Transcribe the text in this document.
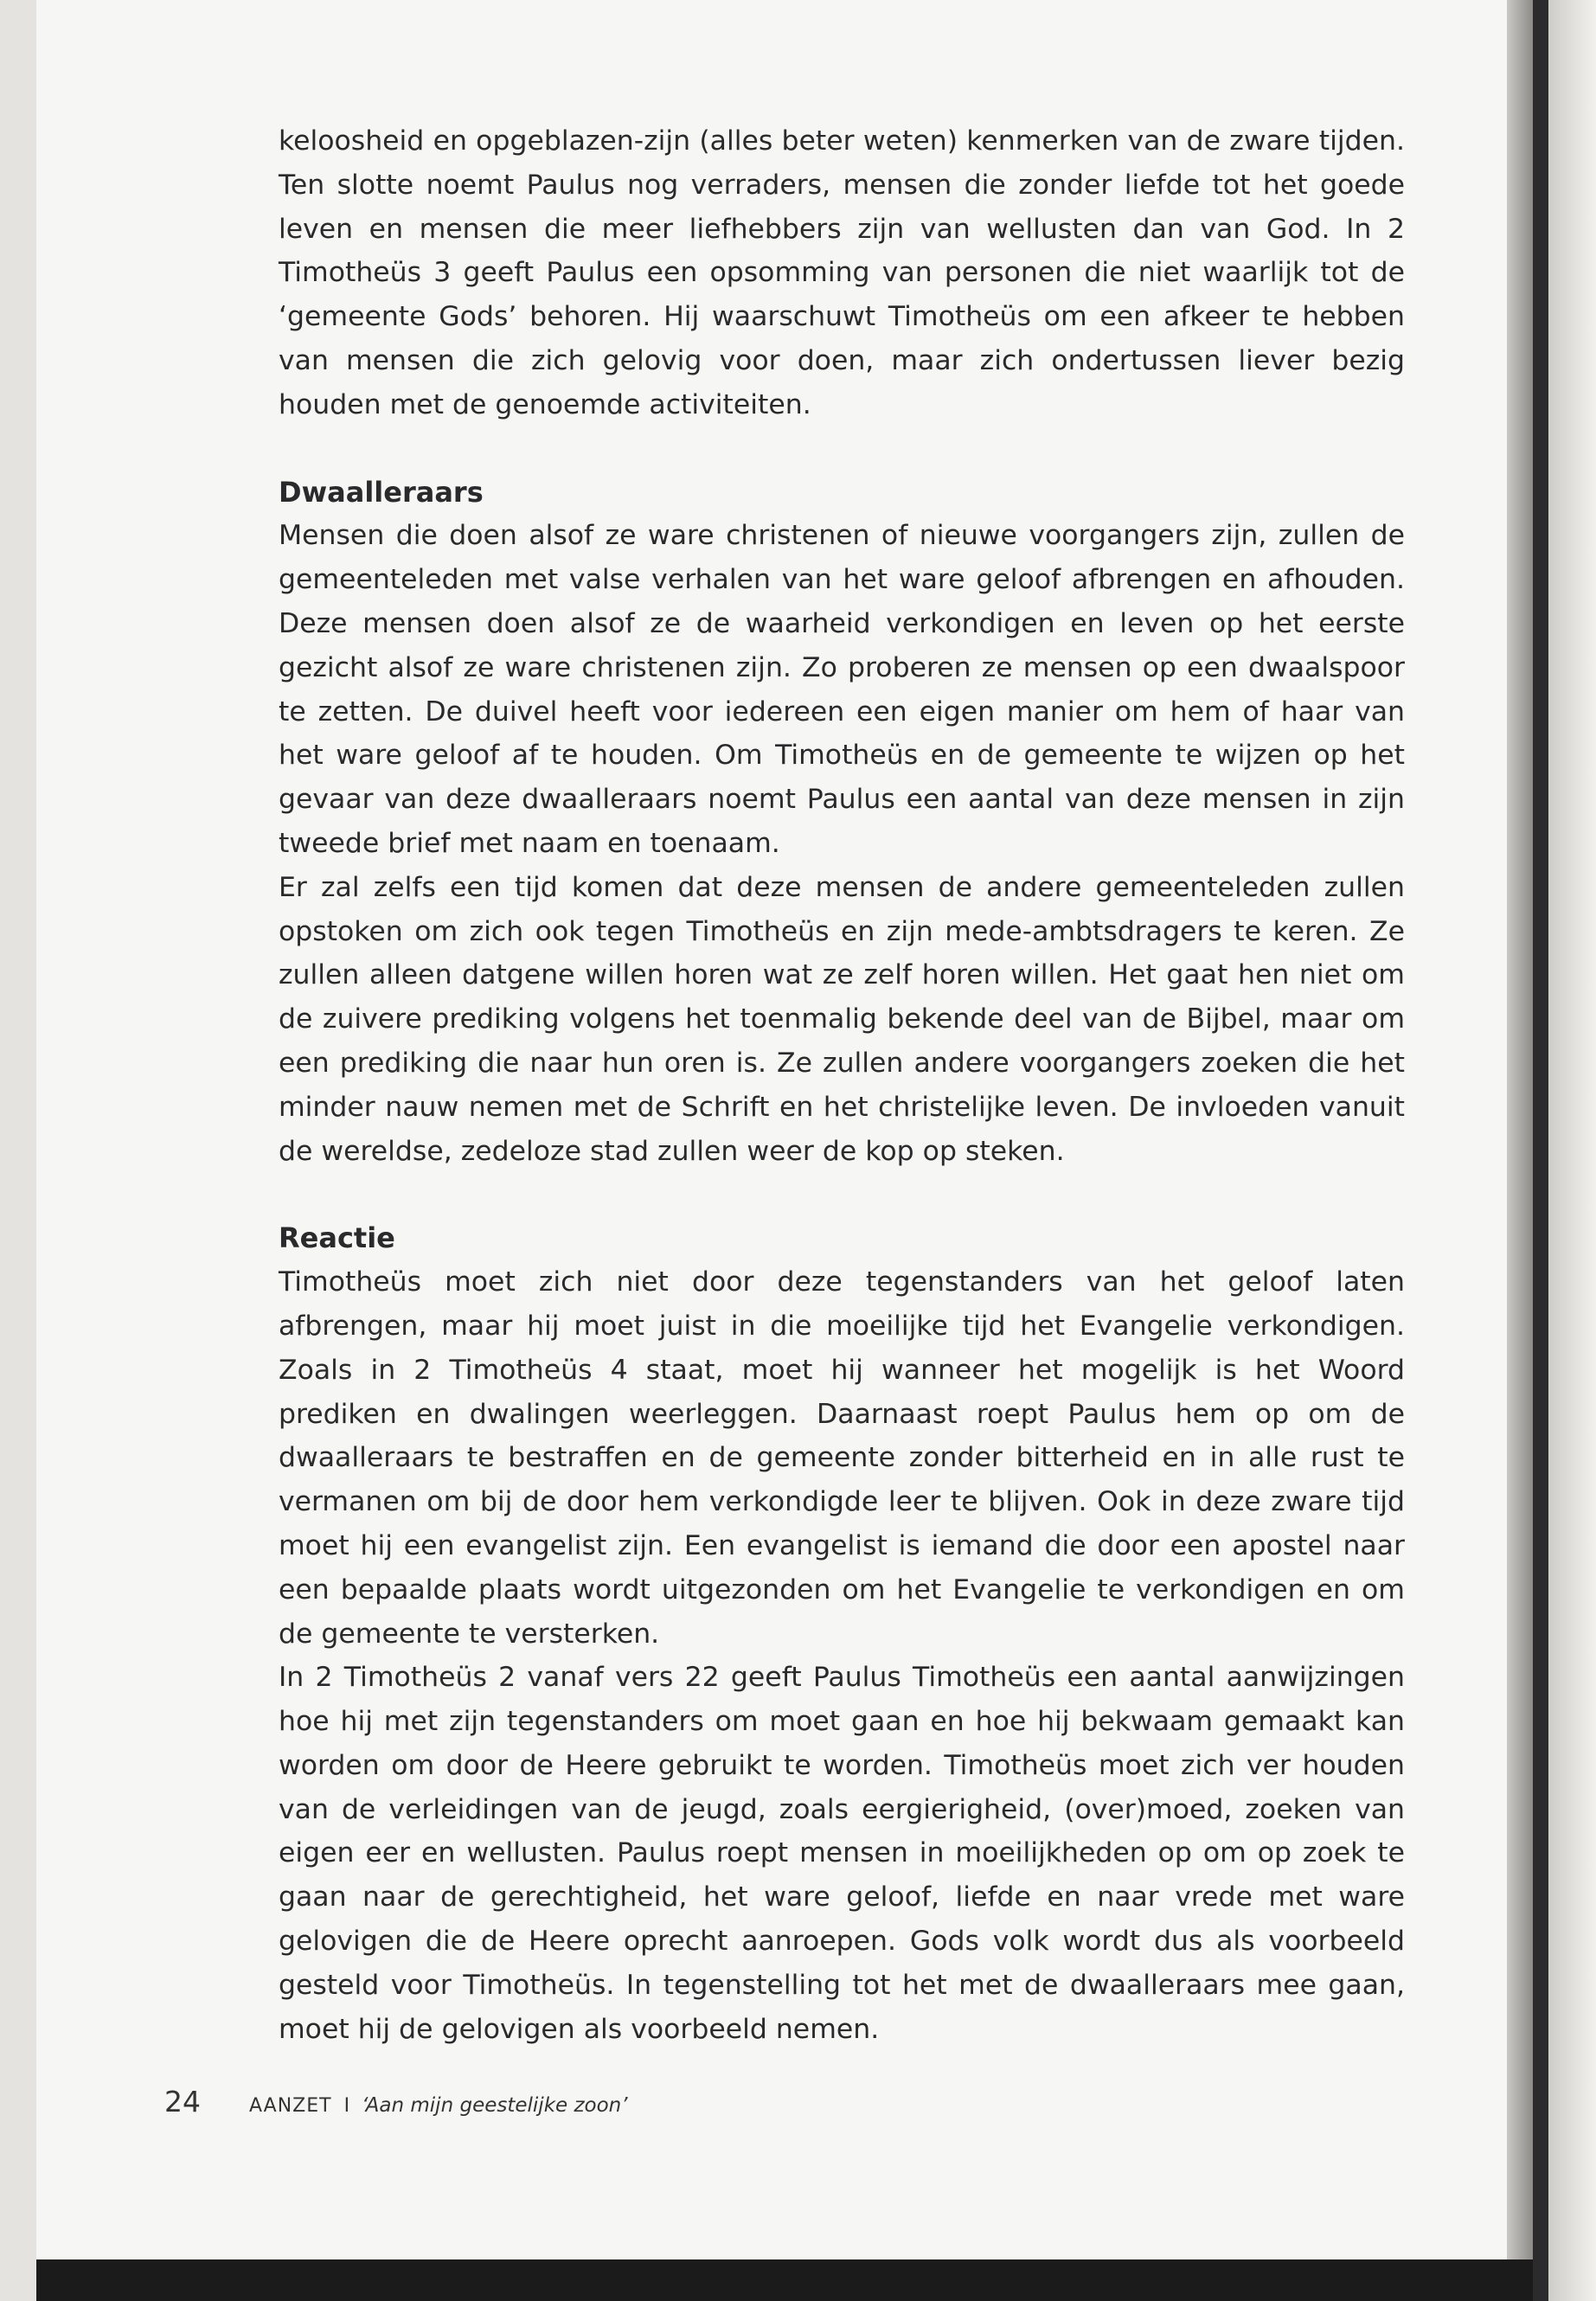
keloosheid en opgeblazen-zijn (alles beter weten) kenmerken van de zware tijden. Ten slotte noemt Paulus nog verraders, mensen die zonder liefde tot het goede leven en mensen die meer liefhebbers zijn van wellusten dan van God. In 2 Timotheüs 3 geeft Paulus een opsomming van personen die niet waarlijk tot de ‘gemeente Gods’ behoren. Hij waarschuwt Timotheüs om een afkeer te hebben van mensen die zich gelovig voor doen, maar zich ondertussen liever bezig houden met de genoemde activiteiten.

Dwaalleraars

Mensen die doen alsof ze ware christenen of nieuwe voorgangers zijn, zullen de gemeenteleden met valse verhalen van het ware geloof afbrengen en afhouden. Deze mensen doen alsof ze de waarheid verkondigen en leven op het eerste gezicht alsof ze ware christenen zijn. Zo proberen ze mensen op een dwaalspoor te zetten. De duivel heeft voor iedereen een eigen manier om hem of haar van het ware geloof af te houden. Om Timotheüs en de gemeente te wijzen op het gevaar van deze dwaalleraars noemt Paulus een aantal van deze mensen in zijn tweede brief met naam en toenaam.

Er zal zelfs een tijd komen dat deze mensen de andere gemeenteleden zullen opstoken om zich ook tegen Timotheüs en zijn mede-ambtsdragers te keren. Ze zullen alleen datgene willen horen wat ze zelf horen willen. Het gaat hen niet om de zuivere prediking volgens het toenmalig bekende deel van de Bijbel, maar om een prediking die naar hun oren is. Ze zullen andere voorgangers zoeken die het minder nauw nemen met de Schrift en het christelijke leven. De invloeden vanuit de wereldse, zedeloze stad zullen weer de kop op steken.

Reactie

Timotheüs moet zich niet door deze tegenstanders van het geloof laten afbrengen, maar hij moet juist in die moeilijke tijd het Evangelie verkondigen. Zoals in 2 Timotheüs 4 staat, moet hij wanneer het mogelijk is het Woord prediken en dwalingen weerleggen. Daarnaast roept Paulus hem op om de dwaalleraars te bestraffen en de gemeente zonder bitterheid en in alle rust te vermanen om bij de door hem verkondigde leer te blijven. Ook in deze zware tijd moet hij een evangelist zijn. Een evangelist is iemand die door een apostel naar een bepaalde plaats wordt uitgezonden om het Evangelie te verkondigen en om de gemeente te versterken.

In 2 Timotheüs 2 vanaf vers 22 geeft Paulus Timotheüs een aantal aanwijzingen hoe hij met zijn tegenstanders om moet gaan en hoe hij bekwaam gemaakt kan worden om door de Heere gebruikt te worden. Timotheüs moet zich ver houden van de verleidingen van de jeugd, zoals eergierigheid, (over)moed, zoeken van eigen eer en wellusten. Paulus roept mensen in moeilijkheden op om op zoek te gaan naar de gerechtigheid, het ware geloof, liefde en naar vrede met ware gelovigen die de Heere oprecht aanroepen. Gods volk wordt dus als voorbeeld gesteld voor Timotheüs. In tegenstelling tot het met de dwaalleraars mee gaan, moet hij de gelovigen als voorbeeld nemen.

24	AANZET I ‘Aan mijn geestelijke zoon’
